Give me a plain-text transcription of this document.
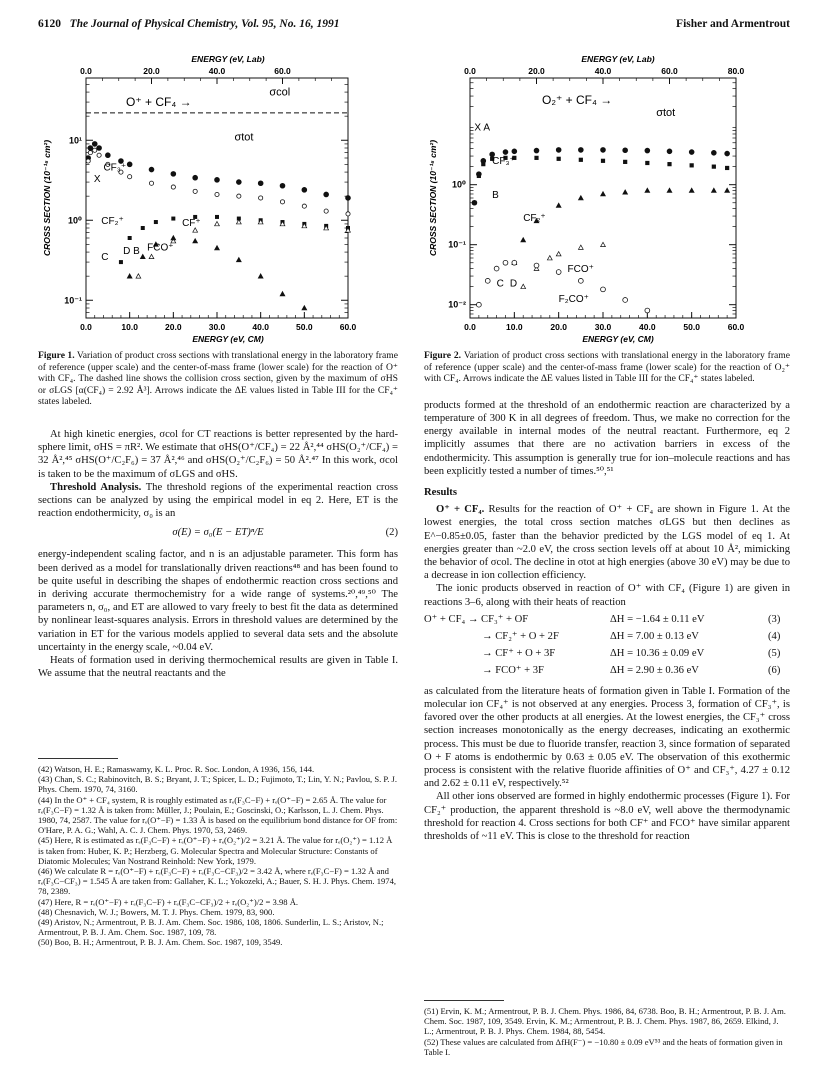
6120 The Journal of Physical Chemistry, Vol. 95, No. 16, 1991	Fisher and Armentrout
ENERGY (eV, Lab)
0.0	20.0	40.0	60.0
0.0	10.0	20.0	30.0	40.0	50.0	60.0
10⁻¹
10⁰
10¹
ENERGY (eV, CM)
CROSS SECTION (10⁻¹⁶ cm²)
O⁺ + CF₄ →
σcol
σtot
CF₃⁺
CF₂⁺	CF⁺
FCO⁺
X
C
D B
ENERGY (eV, Lab)
0.0	20.0	40.0	60.0	80.0
0.0	10.0	20.0	30.0	40.0	50.0	60.0
10⁻²
10⁻¹
10⁰
ENERGY (eV, CM)
CROSS SECTION (10⁻¹⁶ cm²)
O₂⁺ + CF₄ →
σtot
X A
CF₃⁺
B
CF₂⁺
FCO⁺
C D
F₂CO⁺
Figure 1. Variation of product cross sections with translational energy in the laboratory frame of reference (upper scale) and the center-of-mass frame (lower scale) for the reaction of O⁺ with CF₄. The dashed line shows the collision cross section, given by the maximum of σHS or σLGS [α(CF₄) = 2.92 Å³]. Arrows indicate the ΔE values listed in Table III for the CF₄⁺ states labeled.

At high kinetic energies, σcol for CT reactions is better represented by the hard-sphere limit, σHS = πR². We estimate that σHS(O⁺/CF₄) = 22 Å²,⁴⁴ σHS(O₂⁺/CF₄) = 32 Å²,⁴⁵ σHS(O⁺/C₂F₆) = 37 Å²,⁴⁶ and σHS(O₂⁺/C₂F₆) = 50 Å².⁴⁷ In this work, σcol is taken to be the maximum of σLGS and σHS.

Threshold Analysis. The threshold regions of the experimental reaction cross sections can be analyzed by using the empirical model in eq 2. Here, ET is the reaction endothermicity, σ₀ is an

σ(E) = σ₀(E − ET)ⁿ/E	(2)

energy-independent scaling factor, and n is an adjustable parameter. This form has been derived as a model for translationally driven reactions⁴⁸ and has been found to be quite useful in describing the shapes of endothermic reaction cross sections and in deriving accurate thermochemistry for a wide range of systems.²⁰,⁴⁹,⁵⁰ The parameters n, σ₀, and ET are allowed to vary freely to best fit the data as determined by nonlinear least-squares analysis. Errors in threshold values are determined by the variation in ET for the various models applied to several data sets and the absolute uncertainty in the energy scale, ~0.04 eV.

Heats of formation used in deriving thermochemical results are given in Table I. We assume that the neutral reactants and the

(42) Watson, H. E.; Ramaswamy, K. L. Proc. R. Soc. London, A 1936, 156, 144.
(43) Chan, S. C.; Rabinovitch, B. S.; Bryant, J. T.; Spicer, L. D.; Fujimoto, T.; Lin, Y. N.; Pavlou, S. P. J. Phys. Chem. 1970, 74, 3160.
(44) In the O⁺ + CF₄ system, R is roughly estimated as rₑ(F₃C−F) + rₑ(O⁺−F) = 2.65 Å. The value for rₑ(F₃C−F) = 1.32 Å is taken from: Müller, J.; Poulain, E.; Goscinski, O.; Karlsson, L. J. Chem. Phys. 1980, 74, 2587. The value for rₑ(O⁺−F) = 1.33 Å is based on the equilibrium bond distance for OF from: O'Hare, P. A. G.; Wahl, A. C. J. Chem. Phys. 1970, 53, 2469.
(45) Here, R is estimated as rₑ(F₃C−F) + rₑ(O⁺−F) + rₑ(O₂⁺)/2 = 3.21 Å. The value for rₑ(O₂⁺) = 1.12 Å is taken from: Huber, K. P.; Herzberg, G. Molecular Spectra and Molecular Structure: Constants of Diatomic Molecules; Van Nostrand Reinhold: New York, 1979.
(46) We calculate R = rₑ(O⁺−F) + rₑ(F₃C−F) + rₑ(F₃C−CF₃)/2 = 3.42 Å, where rₑ(F₃C−F) = 1.32 Å and rₑ(F₃C−CF₃) = 1.545 Å are taken from: Gallaher, K. L.; Yokozeki, A.; Bauer, S. H. J. Phys. Chem. 1974, 78, 2389.
(47) Here, R = rₑ(O⁺−F) + rₑ(F₃C−F) + rₑ(F₃C−CF₃)/2 + rₑ(O₂⁺)/2 = 3.98 Å.
(48) Chesnavich, W. J.; Bowers, M. T. J. Phys. Chem. 1979, 83, 900.
(49) Aristov, N.; Armentrout, P. B. J. Am. Chem. Soc. 1986, 108, 1806. Sunderlin, L. S.; Aristov, N.; Armentrout, P. B. J. Am. Chem. Soc. 1987, 109, 78.
(50) Boo, B. H.; Armentrout, P. B. J. Am. Chem. Soc. 1987, 109, 3549.
Figure 2. Variation of product cross sections with translational energy in the laboratory frame of reference (upper scale) and the center-of-mass frame (lower scale) for the reaction of O₂⁺ with CF₄. Arrows indicate the ΔE values listed in Table III for the CF₄⁺ states labeled.

products formed at the threshold of an endothermic reaction are characterized by a temperature of 300 K in all degrees of freedom. Thus, we make no correction for the energy available in internal modes of the neutral reactant. Furthermore, eq 2 implicitly assumes that there are no activation barriers in excess of the endothermicity. This assumption is generally true for ion–molecule reactions and has been explicitly tested a number of times.⁵⁰,⁵¹

Results

O⁺ + CF₄. Results for the reaction of O⁺ + CF₄ are shown in Figure 1. At the lowest energies, the total cross section matches σLGS but then declines as E^−0.85±0.05, faster than the behavior predicted by the LGS model of eq 1. At energies greater than ~2.0 eV, the cross section levels off at about 10 Å², mimicking the behavior of σcol. The decline in σtot at high energies (above 30 eV) may be due to a decrease in ion collection efficiency.

The ionic products observed in reaction of O⁺ with CF₄ (Figure 1) are given in reactions 3–6, along with their heats of reaction

O⁺ + CF₄ → CF₃⁺ + OF	ΔH = −1.64 ± 0.11 eV	(3)
→ CF₂⁺ + O + 2F	ΔH = 7.00 ± 0.13 eV	(4)
→ CF⁺ + O + 3F	ΔH = 10.36 ± 0.09 eV	(5)
→ FCO⁺ + 3F	ΔH = 2.90 ± 0.36 eV	(6)

as calculated from the literature heats of formation given in Table I. Formation of the molecular ion CF₄⁺ is not observed at any energies. Process 3, formation of CF₃⁺, is favored over the other products at all energies. At the lowest energies, the CF₃⁺ cross section increases monotonically as the energy decreases, indicating an exothermic process. This must be due to fluoride transfer, reaction 3, since formation of separated O + F atoms is endothermic by 0.63 ± 0.05 eV. The observation of this exothermic process is consistent with the relative fluoride affinities of O⁺ and CF₃⁺, 4.27 ± 0.12 and 2.62 ± 0.11 eV, respectively.⁵²

All other ions observed are formed in highly endothermic processes (Figure 1). For CF₂⁺ production, the apparent threshold is ~8.0 eV, well above the thermodynamic threshold for reaction 4. Cross sections for both CF⁺ and FCO⁺ have similar apparent thresholds of ~11 eV. This is close to the threshold for reaction

(51) Ervin, K. M.; Armentrout, P. B. J. Chem. Phys. 1986, 84, 6738. Boo, B. H.; Armentrout, P. B. J. Am. Chem. Soc. 1987, 109, 3549. Ervin, K. M.; Armentrout, P. B. J. Chem. Phys. 1987, 86, 2659. Elkind, J. L.; Armentrout, P. B. J. Phys. Chem. 1984, 88, 5454.
(52) These values are calculated from ΔfH(F⁻) = −10.80 ± 0.09 eV⁵³ and the heats of formation given in Table I.
